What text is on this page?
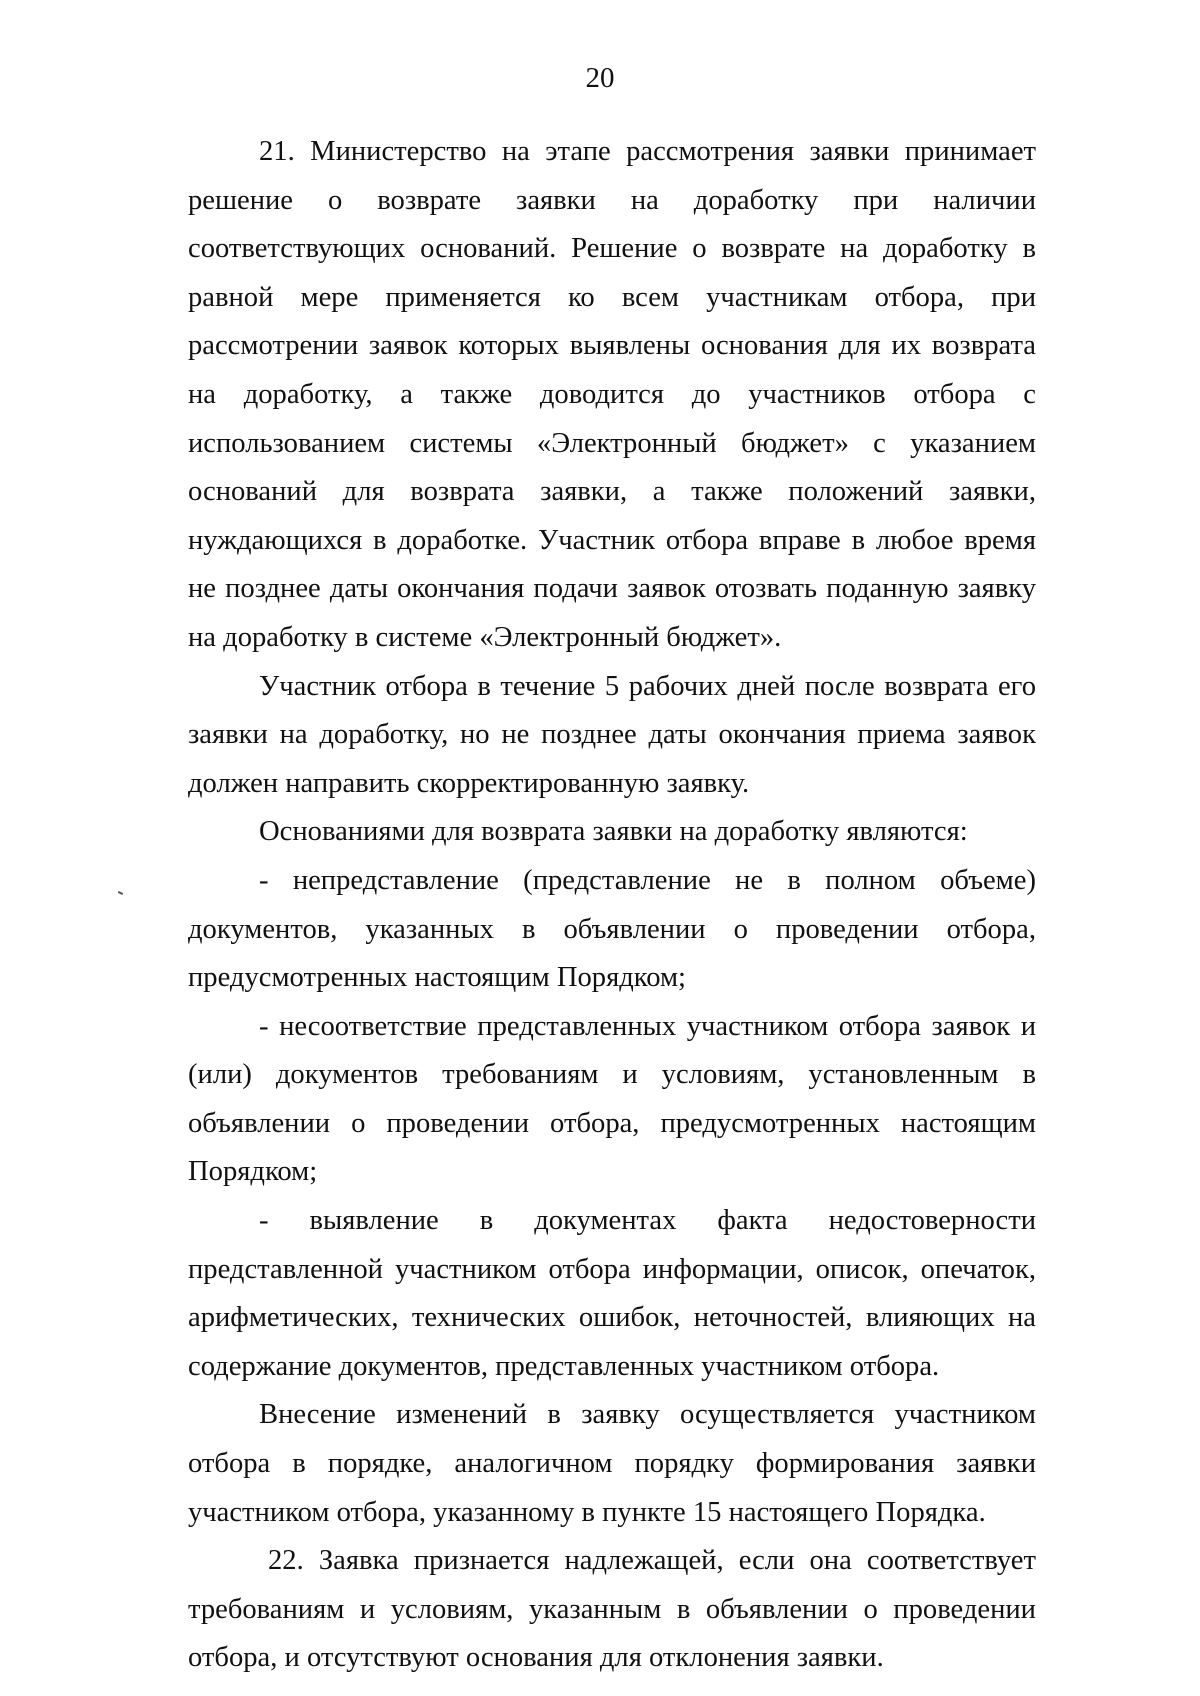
20

21. Министерство на этапе рассмотрения заявки принимает решение о возврате заявки на доработку при наличии соответствующих оснований. Решение о возврате на доработку в равной мере применяется ко всем участникам отбора, при рассмотрении заявок которых выявлены основания для их возврата на доработку, а также доводится до участников отбора с использованием системы «Электронный бюджет» с указанием оснований для возврата заявки, а также положений заявки, нуждающихся в доработке. Участник отбора вправе в любое время не позднее даты окончания подачи заявок отозвать поданную заявку на доработку в системе «Электронный бюджет».

Участник отбора в течение 5 рабочих дней после возврата его заявки на доработку, но не позднее даты окончания приема заявок должен направить скорректированную заявку.

Основаниями для возврата заявки на доработку являются:

- непредставление (представление не в полном объеме) документов, указанных в объявлении о проведении отбора, предусмотренных настоящим Порядком;

- несоответствие представленных участником отбора заявок и (или) документов требованиям и условиям, установленным в объявлении о проведении отбора, предусмотренных настоящим Порядком;

- выявление в документах факта недостоверности представленной участником отбора информации, описок, опечаток, арифметических, технических ошибок, неточностей, влияющих на содержание документов, представленных участником отбора.

Внесение изменений в заявку осуществляется участником отбора в порядке, аналогичном порядку формирования заявки участником отбора, указанному в пункте 15 настоящего Порядка.

22. Заявка признается надлежащей, если она соответствует требованиям и условиям, указанным в объявлении о проведении отбора, и отсутствуют основания для отклонения заявки.
